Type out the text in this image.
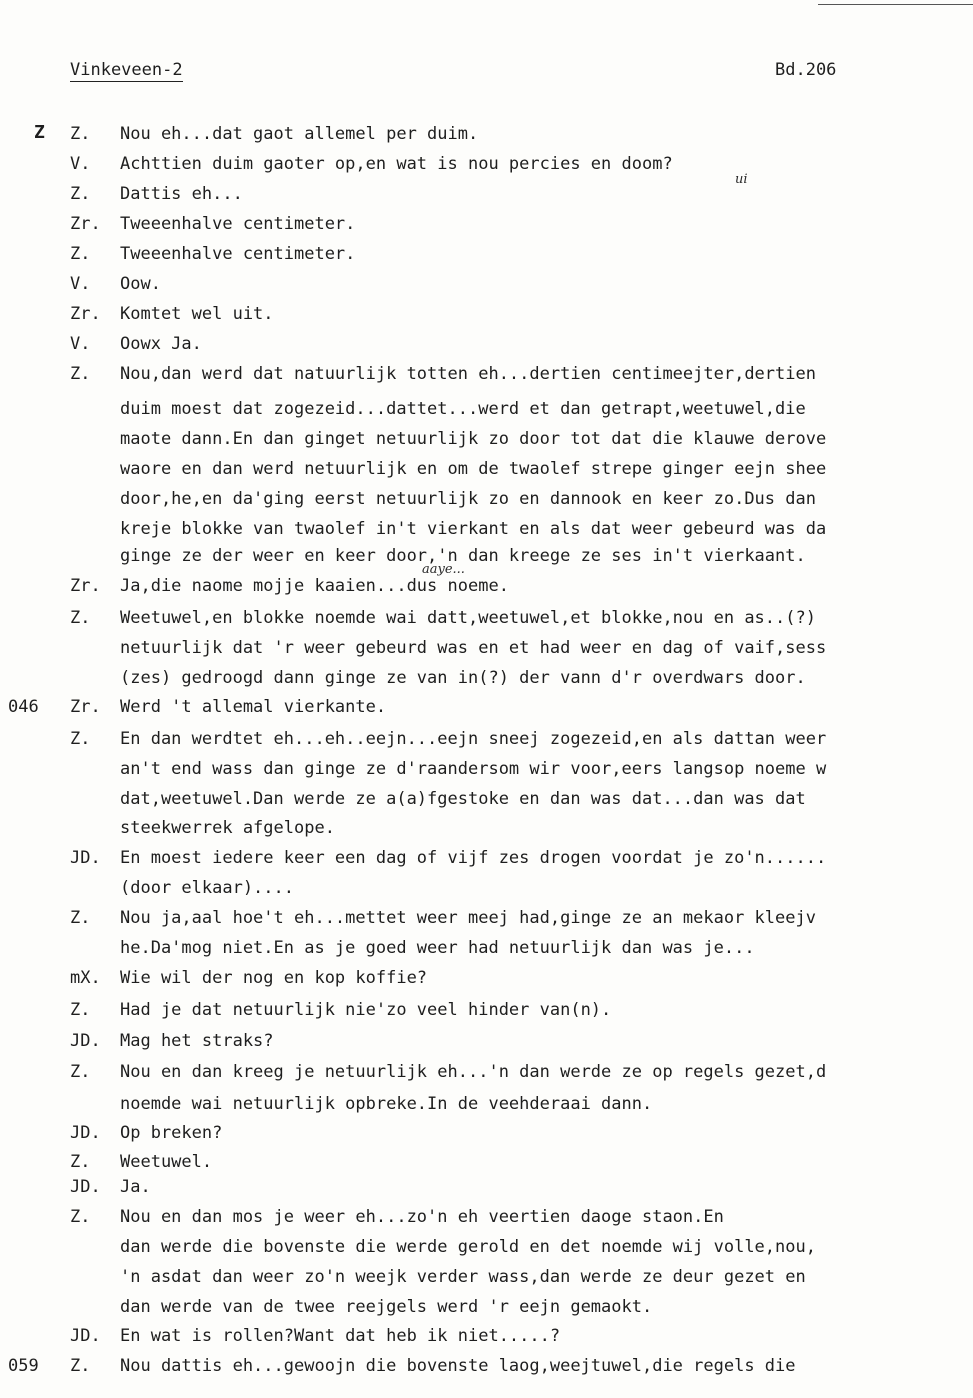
Vinkeveen-2	Bd.206
Z Z. Nou eh...dat gaot allemel per duim.
V. Achttien duim gaoter op,en wat is nou percies en doom?
Z. Dattis eh...
Zr. Tweeenhalve centimeter.
Z. Tweeenhalve centimeter.
V. Oow.
Zr. Komtet wel uit.
V. Oowx Ja.
Z. Nou,dan werd dat natuurlijk totten eh...dertien centimeejter,dertien
duim moest dat zogezeid...dattet...werd et dan getrapt,weetuwel,die
maote dann.En dan ginget netuurlijk zo door tot dat die klauwe derove
waore en dan werd netuurlijk en om de twaolef strepe ginger eejn shee
door,he,en da'ging eerst netuurlijk zo en dannook en keer zo.Dus dan
kreje blokke van twaolef in't vierkant en als dat weer gebeurd was da
ginge ze der weer en keer door,'n dan kreege ze ses in't vierkaant.
Zr. Ja,die naome mojje kaaien...dus noeme.
Z. Weetuwel,en blokke noemde wai datt,weetuwel,et blokke,nou en as..(?)
netuurlijk dat 'r weer gebeurd was en et had weer en dag of vaif,sess
(zes) gedroogd dann ginge ze van in(?) der vann d'r overdwars door.
046 Zr. Werd 't allemal vierkante.
Z. En dan werdtet eh...eh..eejn...eejn sneej zogezeid,en als dattan weer
an't end wass dan ginge ze d'raandersom wir voor,eers langsop noeme w
dat,weetuwel.Dan werde ze a(a)fgestoke en dan was dat...dan was dat
steekwerrek afgelope.
JD. En moest iedere keer een dag of vijf zes drogen voordat je zo'n......
(door elkaar)....
Z. Nou ja,aal hoe't eh...mettet weer meej had,ginge ze an mekaor kleejv
he.Da'mog niet.En as je goed weer had netuurlijk dan was je...
mX. Wie wil der nog en kop koffie?
Z. Had je dat netuurlijk nie'zo veel hinder van(n).
JD. Mag het straks?
Z. Nou en dan kreeg je netuurlijk eh...'n dan werde ze op regels gezet,d
noemde wai netuurlijk opbreke.In de veehderaai dann.
JD. Op breken?
Z. Weetuwel.
JD. Ja.
Z. Nou en dan mos je weer eh...zo'n eh veertien daoge staon.En
dan werde die bovenste die werde gerold en det noemde wij volle,nou,
'n asdat dan weer zo'n weejk verder wass,dan werde ze deur gezet en
dan werde van de twee reejgels werd 'r eejn gemaokt.
JD. En wat is rollen?Want dat heb ik niet.....?
059 Z. Nou dattis eh...gewoojn die bovenste laog,weejtuwel,die regels die
ui
aaye...
